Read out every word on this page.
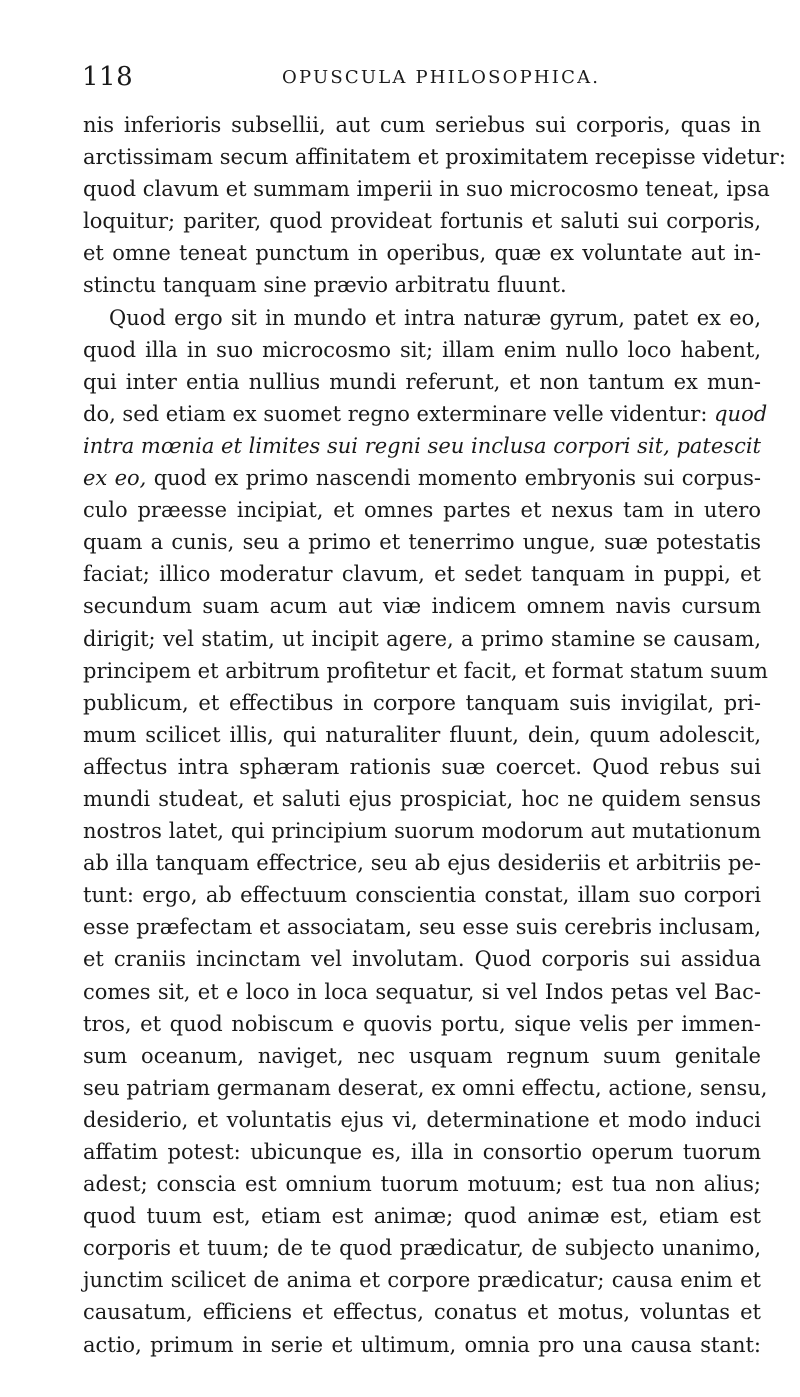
118	OPUSCULA PHILOSOPHICA.
nis inferioris subsellii, aut cum seriebus sui corporis, quas in
arctissimam secum affinitatem et proximitatem recepisse videtur:
quod clavum et summam imperii in suo microcosmo teneat, ipsa
loquitur; pariter, quod provideat fortunis et saluti sui corporis,
et omne teneat punctum in operibus, quæ ex voluntate aut in-
stinctu tanquam sine prævio arbitratu fluunt.
Quod ergo sit in mundo et intra naturæ gyrum, patet ex eo,
quod illa in suo microcosmo sit; illam enim nullo loco habent,
qui inter entia nullius mundi referunt, et non tantum ex mun-
do, sed etiam ex suomet regno exterminare velle videntur: quod
intra mœnia et limites sui regni seu inclusa corpori sit, patescit
ex eo, quod ex primo nascendi momento embryonis sui corpus-
culo præesse incipiat, et omnes partes et nexus tam in utero
quam a cunis, seu a primo et tenerrimo ungue, suæ potestatis
faciat; illico moderatur clavum, et sedet tanquam in puppi, et
secundum suam acum aut viæ indicem omnem navis cursum
dirigit; vel statim, ut incipit agere, a primo stamine se causam,
principem et arbitrum profitetur et facit, et format statum suum
publicum, et effectibus in corpore tanquam suis invigilat, pri-
mum scilicet illis, qui naturaliter fluunt, dein, quum adolescit,
affectus intra sphæram rationis suæ coercet. Quod rebus sui
mundi studeat, et saluti ejus prospiciat, hoc ne quidem sensus
nostros latet, qui principium suorum modorum aut mutationum
ab illa tanquam effectrice, seu ab ejus desideriis et arbitriis pe-
tunt: ergo, ab effectuum conscientia constat, illam suo corpori
esse præfectam et associatam, seu esse suis cerebris inclusam,
et craniis incinctam vel involutam. Quod corporis sui assidua
comes sit, et e loco in loca sequatur, si vel Indos petas vel Bac-
tros, et quod nobiscum e quovis portu, sique velis per immen-
sum oceanum, naviget, nec usquam regnum suum genitale
seu patriam germanam deserat, ex omni effectu, actione, sensu,
desiderio, et voluntatis ejus vi, determinatione et modo induci
affatim potest: ubicunque es, illa in consortio operum tuorum
adest; conscia est omnium tuorum motuum; est tua non alius;
quod tuum est, etiam est animæ; quod animæ est, etiam est
corporis et tuum; de te quod prædicatur, de subjecto unanimo,
junctim scilicet de anima et corpore prædicatur; causa enim et
causatum, efficiens et effectus, conatus et motus, voluntas et
actio, primum in serie et ultimum, omnia pro una causa stant:
